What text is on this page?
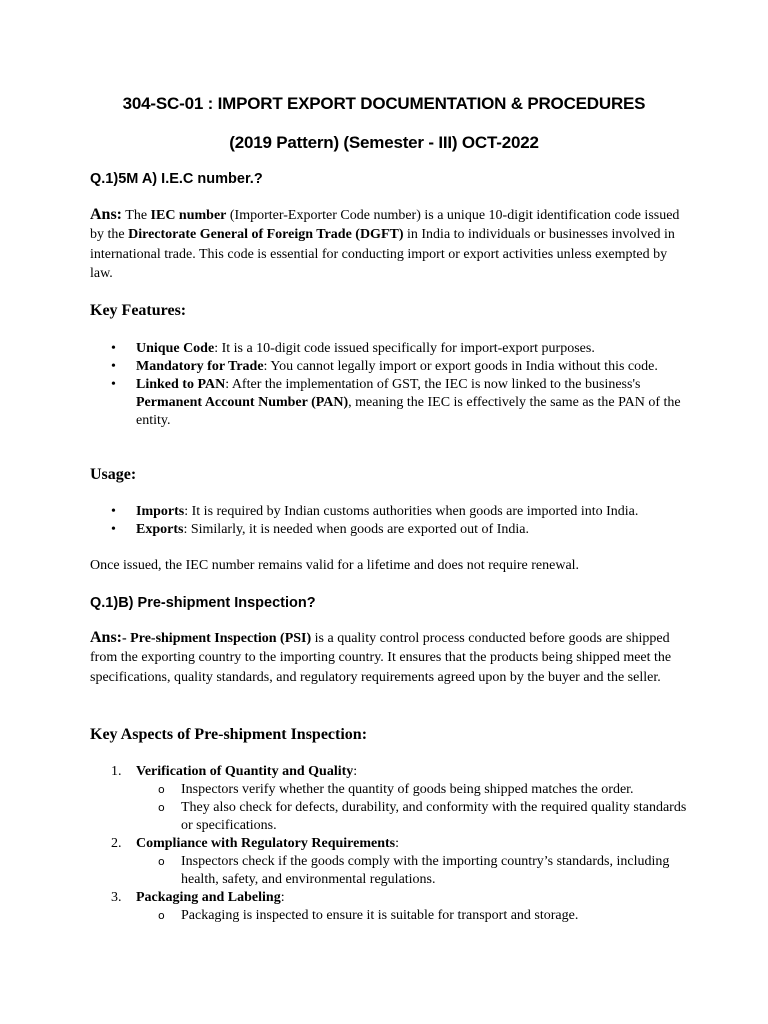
304-SC-01 : IMPORT EXPORT DOCUMENTATION & PROCEDURES
(2019 Pattern) (Semester - III) OCT-2022
Q.1)5M A) I.E.C number.?
Ans: The IEC number (Importer-Exporter Code number) is a unique 10-digit identification code issued by the Directorate General of Foreign Trade (DGFT) in India to individuals or businesses involved in international trade. This code is essential for conducting import or export activities unless exempted by law.
Key Features:
• Unique Code: It is a 10-digit code issued specifically for import-export purposes.
• Mandatory for Trade: You cannot legally import or export goods in India without this code.
• Linked to PAN: After the implementation of GST, the IEC is now linked to the business's Permanent Account Number (PAN), meaning the IEC is effectively the same as the PAN of the entity.
Usage:
• Imports: It is required by Indian customs authorities when goods are imported into India.
• Exports: Similarly, it is needed when goods are exported out of India.
Once issued, the IEC number remains valid for a lifetime and does not require renewal.
Q.1)B) Pre-shipment Inspection?
Ans:- Pre-shipment Inspection (PSI) is a quality control process conducted before goods are shipped from the exporting country to the importing country. It ensures that the products being shipped meet the specifications, quality standards, and regulatory requirements agreed upon by the buyer and the seller.
Key Aspects of Pre-shipment Inspection:
1. Verification of Quantity and Quality:
o Inspectors verify whether the quantity of goods being shipped matches the order.
o They also check for defects, durability, and conformity with the required quality standards or specifications.
2. Compliance with Regulatory Requirements:
o Inspectors check if the goods comply with the importing country’s standards, including health, safety, and environmental regulations.
3. Packaging and Labeling:
o Packaging is inspected to ensure it is suitable for transport and storage.
